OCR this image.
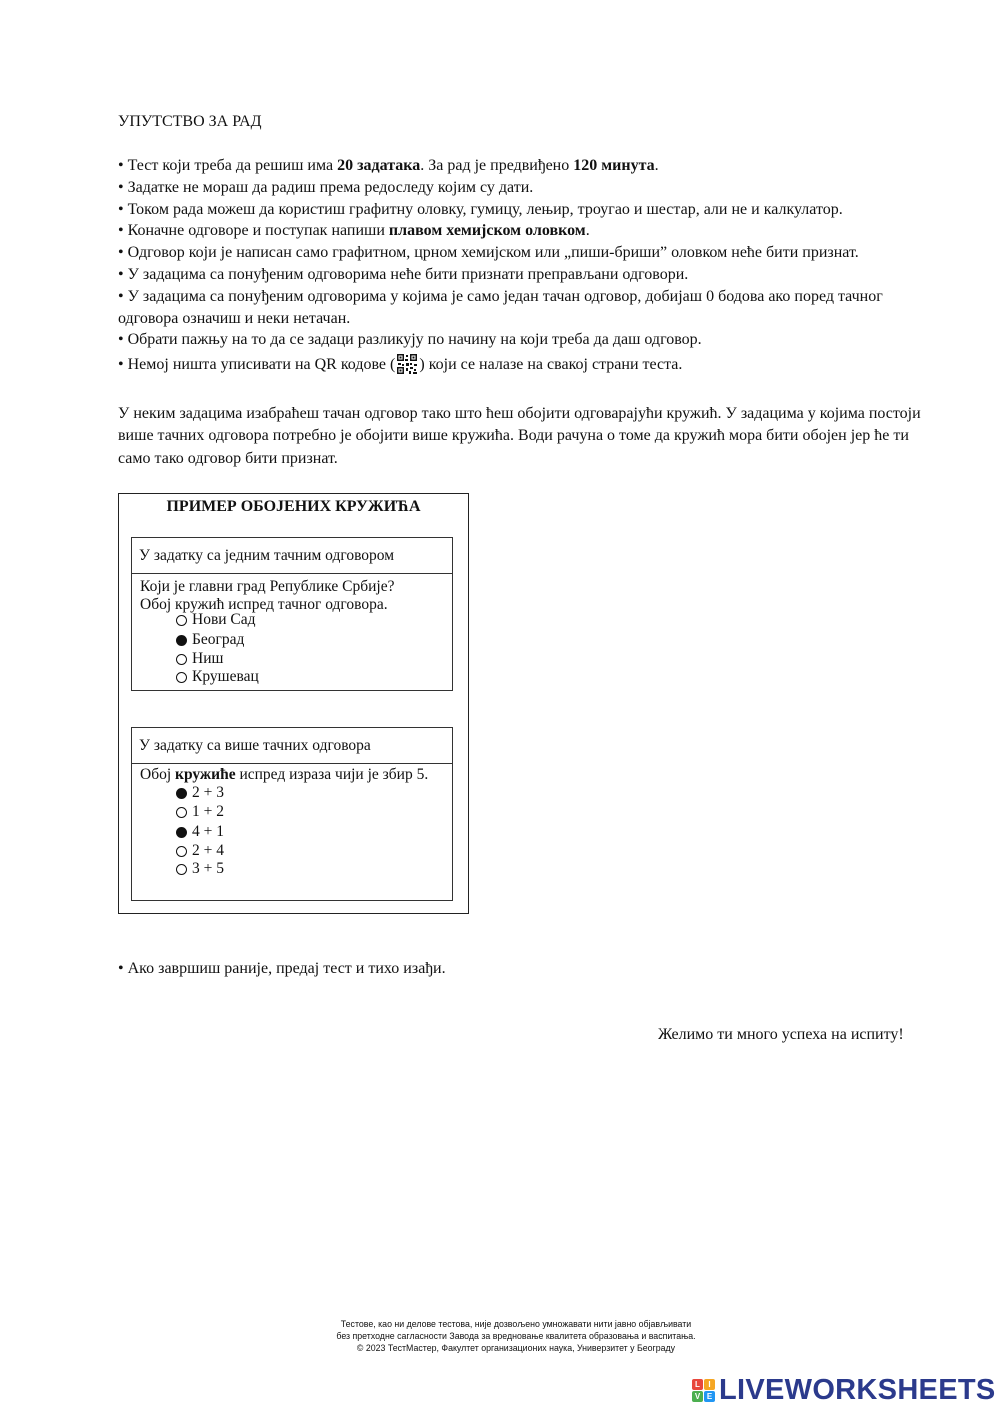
УПУТСТВО ЗА РАД
• Тест који треба да решиш има 20 задатака. За рад је предвиђено 120 минута.
• Задатке не мораш да радиш према редоследу којим су дати.
• Током рада можеш да користиш графитну оловку, гумицу, лењир, троугао и шестар, али не и калкулатор.
• Коначне одговоре и поступак напиши плавом хемијском оловком.
• Одговор који је написан само графитном, црном хемијском или „пиши-бриши” оловком неће бити признат.
• У задацима са понуђеним одговорима неће бити признати преправљани одговори.
• У задацима са понуђеним одговорима у којима је само један тачан одговор, добијаш 0 бодова ако поред тачног одговора означиш и неки нетачан.
• Обрати пажњу на то да се задаци разликују по начину на који треба да даш одговор.
• Немој ништа уписивати на QR кодове ( ) који се налазе на свакој страни теста.
У неким задацима изабраћеш тачан одговор тако што ћеш обојити одговарајући кружић. У задацима у којима постоји више тачних одговора потребно је обојити више кружића. Води рачуна о томе да кружић мора бити обојен јер ће ти само тако одговор бити признат.
У задатку са једним тачним одговором
Који је главни град Републике Србије?
Обој кружић испред тачног одговора.
Нови Сад
Београд
Ниш
Крушевац
У задатку са више тачних одговора
Обој кружиће испред израза чији је збир 5.
2 + 3
1 + 2
4 + 1
2 + 4
3 + 5
ПРИМЕР ОБОЈЕНИХ КРУЖИЋА
• Ако завршиш раније, предај тест и тихо изађи.
Желимо ти много успеха на испиту!
Тестове, као ни делове тестова, није дозвољено умножавати нити јавно објављивати
без претходне сагласности Завода за вредновање квалитета образовања и васпитања.
© 2023 ТестМастер, Факултет организационих наука, Универзитет у Београду
L	I
V E LIVEWORKSHEETS
